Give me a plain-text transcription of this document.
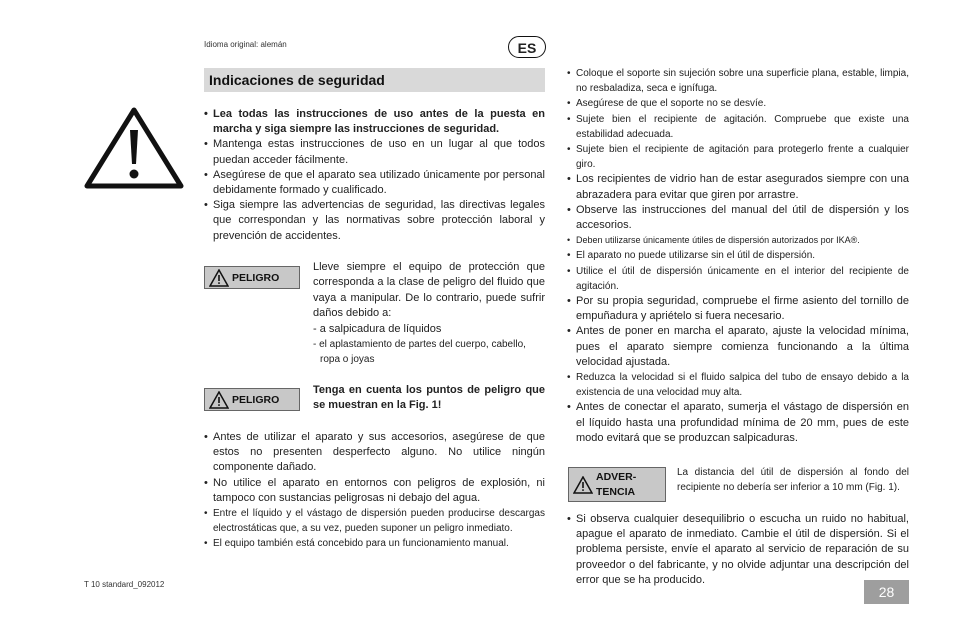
Idioma original: alemán	ES
Indicaciones de seguridad
• Lea todas las instrucciones de uso antes de la puesta en marcha y siga siempre las instrucciones de seguridad.
• Mantenga estas instrucciones de uso en un lugar al que todos puedan acceder fácilmente.
• Asegúrese de que el aparato sea utilizado únicamente por personal debidamente formado y cualificado.
• Siga siempre las advertencias de seguridad, las directivas legales que correspondan y las normativas sobre protección laboral y prevención de accidentes.
PELIGRO
Lleve siempre el equipo de protección que corresponda a la clase de peligro del fluido que vaya a manipular. De lo contrario, puede sufrir daños debido a:
- a salpicadura de líquidos
- el aplastamiento de partes del cuerpo, cabello,
ropa o joyas
PELIGRO
Tenga en cuenta los puntos de peligro que se muestran en la Fig. 1!
• Antes de utilizar el aparato y sus accesorios, asegúrese de que estos no presenten desperfecto alguno. No utilice ningún componente dañado.
• No utilice el aparato en entornos con peligros de explosión, ni tampoco con sustancias peligrosas ni debajo del agua.
• Entre el líquido y el vástago de dispersión pueden producirse descargas electrostáticas que, a su vez, pueden suponer un peligro inmediato.
• El equipo también está concebido para un funcionamiento manual.
• Coloque el soporte sin sujeción sobre una superficie plana, estable, limpia, no resbaladiza, seca e ignífuga.
• Asegúrese de que el soporte no se desvíe.
• Sujete bien el recipiente de agitación. Compruebe que existe una estabilidad adecuada.
• Sujete bien el recipiente de agitación para protegerlo frente a cualquier giro.
• Los recipientes de vidrio han de estar asegurados siempre con una abrazadera para evitar que giren por arrastre.
• Observe las instrucciones del manual del útil de dispersión y los accesorios.
• Deben utilizarse únicamente útiles de dispersión autorizados por IKA®.
• El aparato no puede utilizarse sin el útil de dispersión.
• Utilice el útil de dispersión únicamente en el interior del recipiente de agitación.
• Por su propia seguridad, compruebe el firme asiento del tornillo de empuñadura y apriételo si fuera necesario.
• Antes de poner en marcha el aparato, ajuste la velocidad mínima, pues el aparato siempre comienza funcionando a la última velocidad ajustada.
• Reduzca la velocidad si el fluido salpica del tubo de ensayo debido a la existencia de una velocidad muy alta.
• Antes de conectar el aparato, sumerja el vástago de dispersión en el líquido hasta una profundidad mínima de 20 mm, pues de este modo evitará que se produzcan salpicaduras.
ADVER-
TENCIA
La distancia del útil de dispersión al fondo del recipiente no debería ser inferior a 10 mm (Fig. 1).
• Si observa cualquier desequilibrio o escucha un ruido no habitual, apague el aparato de inmediato. Cambie el útil de dispersión. Si el problema persiste, envíe el aparato al servicio de reparación de su proveedor o del fabricante, y no olvide adjuntar una descripción del error que se ha producido.
T 10 standard_092012	28
